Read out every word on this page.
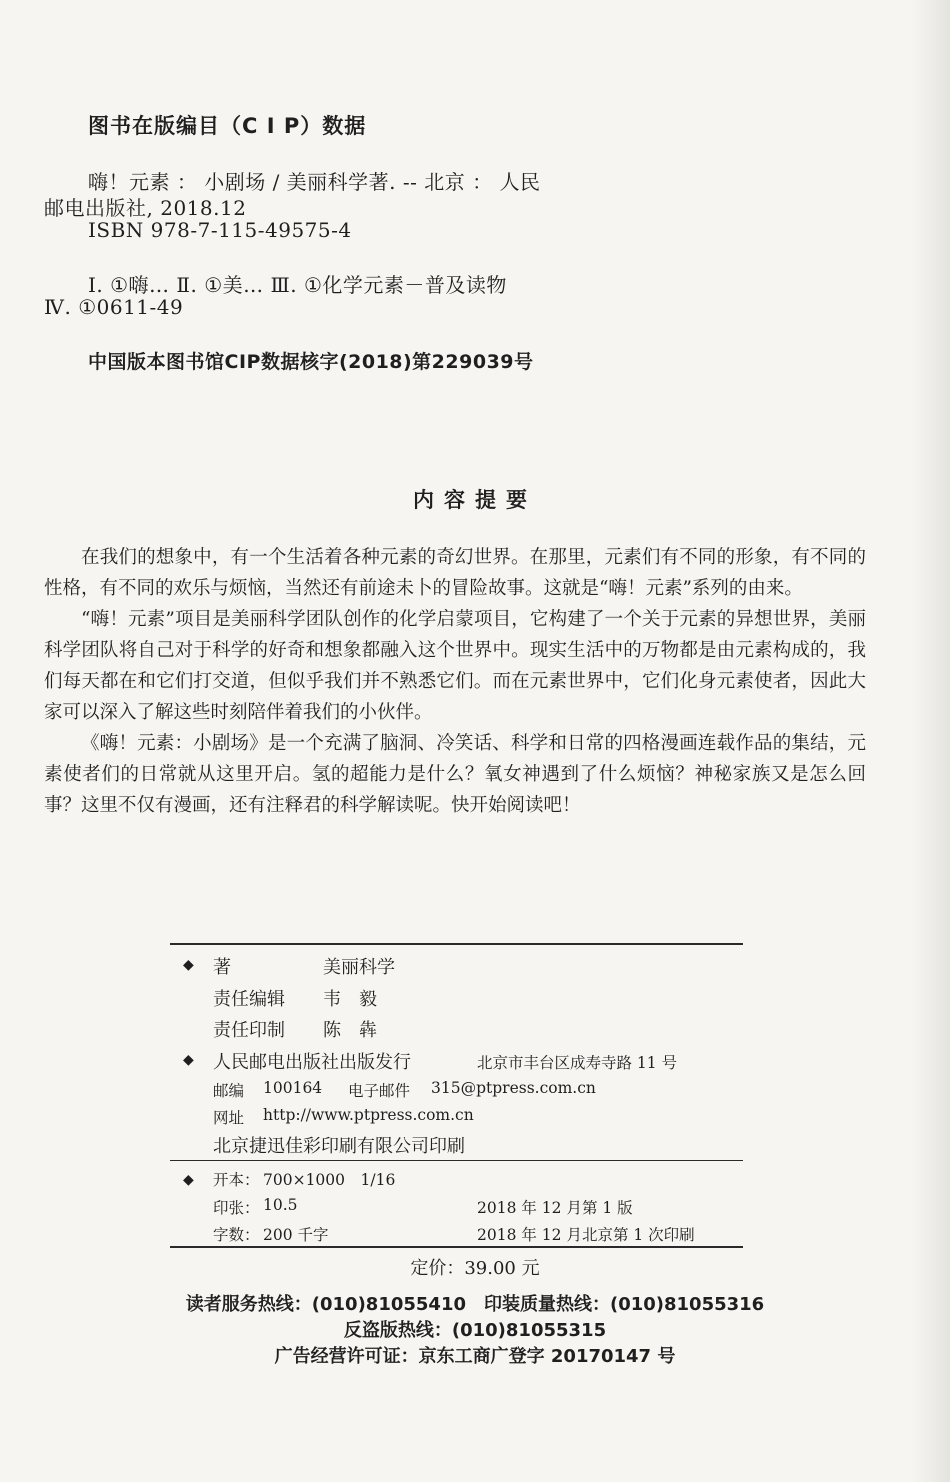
图书在版编目（C I P）数据
嗨！元素 ： 小剧场 / 美丽科学著. -- 北京 ： 人民
邮电出版社, 2018.12
ISBN 978-7-115-49575-4
Ⅰ. ①嗨… Ⅱ. ①美… Ⅲ. ①化学元素－普及读物
Ⅳ. ①0611-49
中国版本图书馆CIP数据核字(2018)第229039号
内容提要

在我们的想象中，有一个生活着各种元素的奇幻世界。在那里，元素们有不同的形象，有不同的性格，有不同的欢乐与烦恼，当然还有前途未卜的冒险故事。这就是“嗨！元素”系列的由来。

“嗨！元素”项目是美丽科学团队创作的化学启蒙项目，它构建了一个关于元素的异想世界，美丽科学团队将自己对于科学的好奇和想象都融入这个世界中。现实生活中的万物都是由元素构成的，我们每天都在和它们打交道，但似乎我们并不熟悉它们。而在元素世界中，它们化身元素使者，因此大家可以深入了解这些时刻陪伴着我们的小伙伴。

《嗨！元素：小剧场》是一个充满了脑洞、冷笑话、科学和日常的四格漫画连载作品的集结，元素使者们的日常就从这里开启。氢的超能力是什么？氧女神遇到了什么烦恼？神秘家族又是怎么回事？这里不仅有漫画，还有注释君的科学解读呢。快开始阅读吧！

◆ 著	美丽科学
责任编辑 韦　毅
责任印制 陈　犇
◆ 人民邮电出版社出版发行	北京市丰台区成寿寺路 11 号
邮编 100164 电子邮件 315@ptpress.com.cn
网址 http://www.ptpress.com.cn
北京捷迅佳彩印刷有限公司印刷
◆ 开本： 700×1000　1/16
印张： 10.5	2018 年 12 月第 1 版
字数： 200 千字	2018 年 12 月北京第 1 次印刷
定价：39.00 元
读者服务热线：(010)81055410　印装质量热线：(010)81055316
反盗版热线：(010)81055315
广告经营许可证：京东工商广登字 20170147 号
